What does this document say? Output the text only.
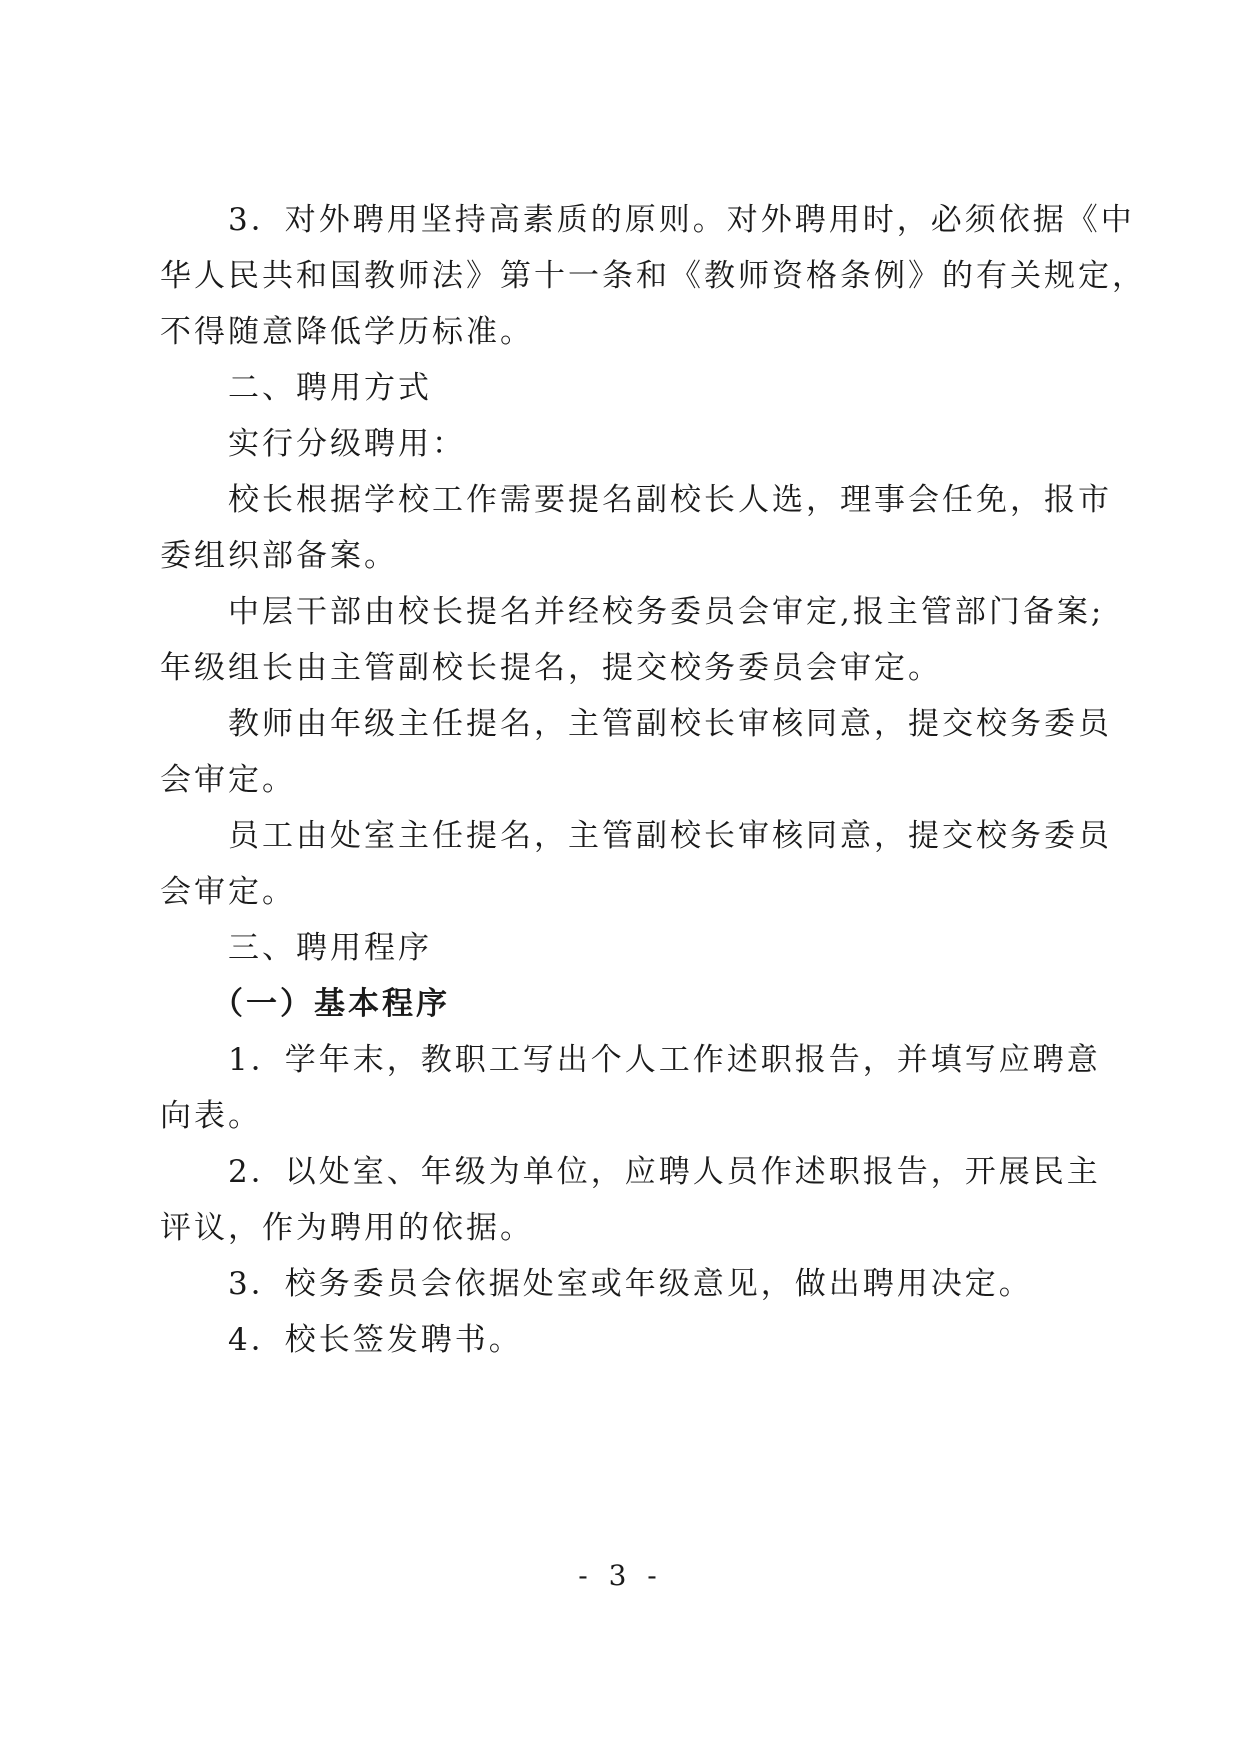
3．对外聘用坚持高素质的原则。对外聘用时，必须依据《中
华人民共和国教师法》第十一条和《教师资格条例》的有关规定，
不得随意降低学历标准。
二、聘用方式
实行分级聘用：
校长根据学校工作需要提名副校长人选，理事会任免，报市
委组织部备案。
中层干部由校长提名并经校务委员会审定,报主管部门备案;
年级组长由主管副校长提名，提交校务委员会审定。
教师由年级主任提名，主管副校长审核同意，提交校务委员
会审定。
员工由处室主任提名，主管副校长审核同意，提交校务委员
会审定。
三、聘用程序
（一）基本程序
1．学年末，教职工写出个人工作述职报告，并填写应聘意
向表。
2．以处室、年级为单位，应聘人员作述职报告，开展民主
评议，作为聘用的依据。
3．校务委员会依据处室或年级意见，做出聘用决定。
4．校长签发聘书。
- 3 -
